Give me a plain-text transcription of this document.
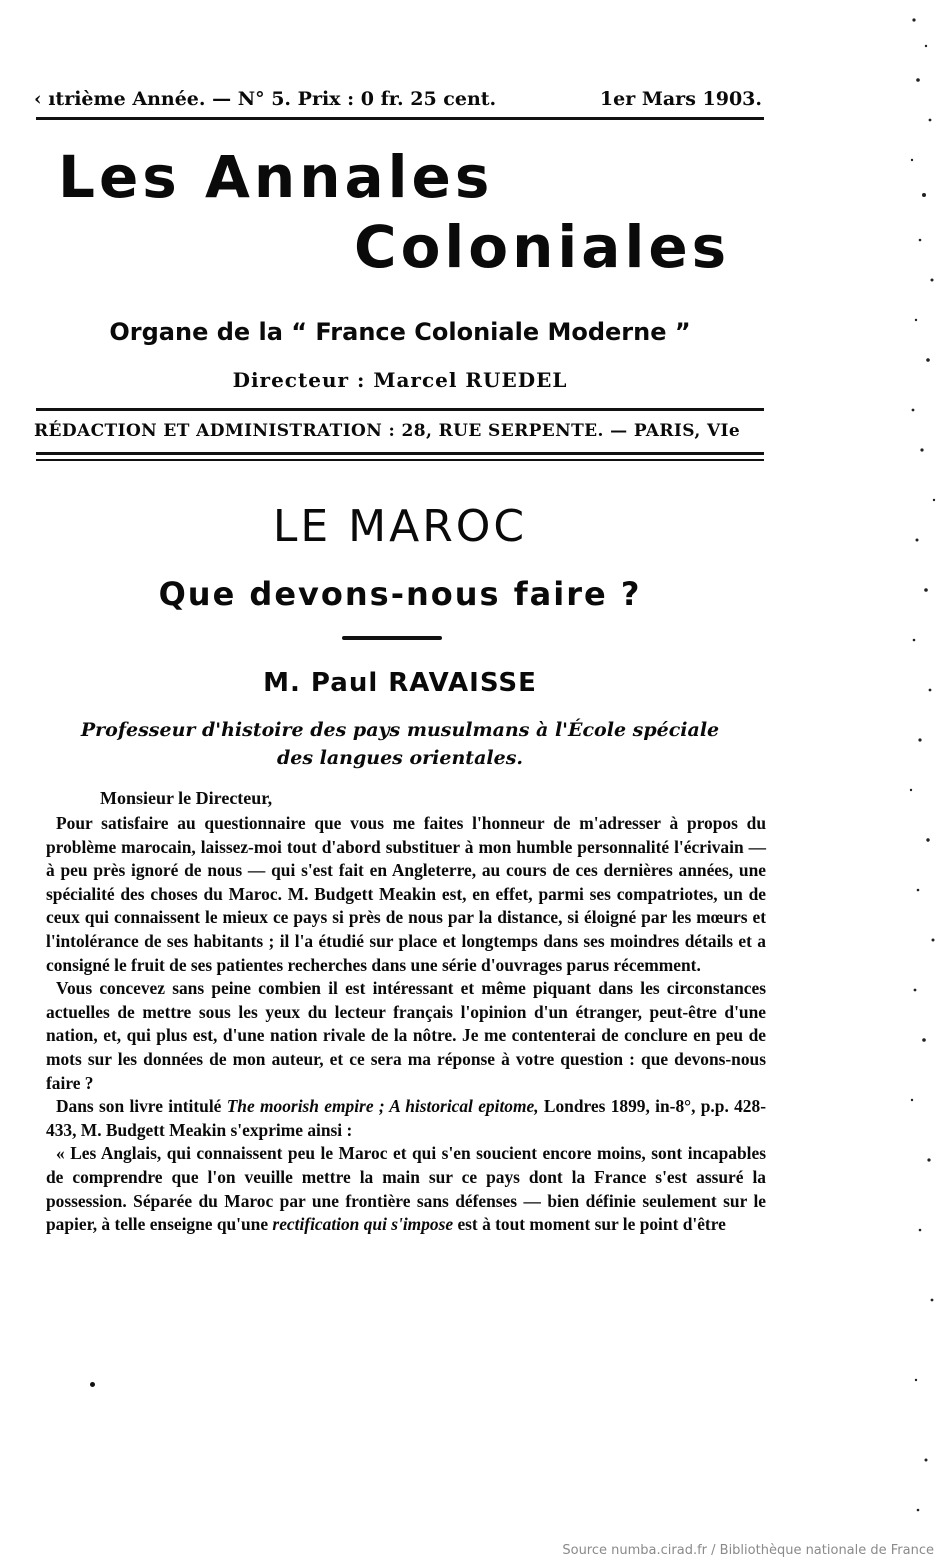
‹ ıtrième Année. — N° 5. Prix : 0 fr. 25 cent.	1er Mars 1903.
Les Annales
Coloniales
Organe de la “ France Coloniale Moderne ”
Directeur : Marcel RUEDEL
RÉDACTION ET ADMINISTRATION : 28, RUE SERPENTE. — PARIS, VIe
LE MAROC
Que devons-nous faire ?
M. Paul RAVAISSE
Professeur d'histoire des pays musulmans à l'École spéciale
des langues orientales.
Monsieur le Directeur,

Pour satisfaire au questionnaire que vous me faites l'honneur de m'adresser à propos du problème marocain, laissez-moi tout d'abord substituer à mon humble personnalité l'écrivain — à peu près ignoré de nous — qui s'est fait en Angleterre, au cours de ces dernières années, une spécialité des choses du Maroc. M. Budgett Meakin est, en effet, parmi ses compatriotes, un de ceux qui connaissent le mieux ce pays si près de nous par la distance, si éloigné par les mœurs et l'intolérance de ses habitants ; il l'a étudié sur place et longtemps dans ses moindres détails et a consigné le fruit de ses patientes recherches dans une série d'ouvrages parus récemment.

Vous concevez sans peine combien il est intéressant et même piquant dans les circonstances actuelles de mettre sous les yeux du lecteur français l'opinion d'un étranger, peut-être d'une nation, et, qui plus est, d'une nation rivale de la nôtre. Je me contenterai de conclure en peu de mots sur les données de mon auteur, et ce sera ma réponse à votre question : que devons-nous faire ?

Dans son livre intitulé The moorish empire ; A historical epitome, Londres 1899, in-8°, p.p. 428-433, M. Budgett Meakin s'exprime ainsi :

« Les Anglais, qui connaissent peu le Maroc et qui s'en soucient encore moins, sont incapables de comprendre que l'on veuille mettre la main sur ce pays dont la France s'est assuré la possession. Séparée du Maroc par une frontière sans défenses — bien définie seulement sur le papier, à telle enseigne qu'une rectification qui s'impose est à tout moment sur le point d'être

Source numba.cirad.fr / Bibliothèque nationale de France
